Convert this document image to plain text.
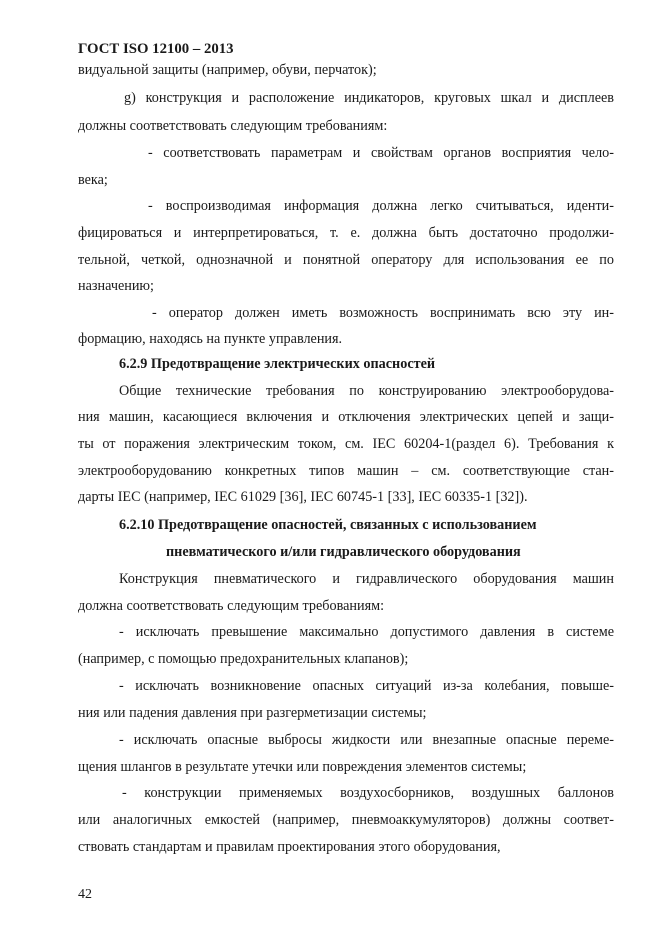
ГОСТ ISO 12100 – 2013
видуальной защиты (например, обуви, перчаток);
g) конструкция и расположение индикаторов, круговых шкал и дисплеев
должны соответствовать следующим требованиям:
- соответствовать параметрам и свойствам органов восприятия чело-
века;
- воспроизводимая информация должна легко считываться, иденти-
фицироваться и интерпретироваться, т. е. должна быть достаточно продолжи-
тельной, четкой, однозначной и понятной оператору для использования ее по
назначению;
- оператор должен иметь возможность воспринимать всю эту ин-
формацию, находясь на пункте управления.
6.2.9 Предотвращение электрических опасностей
Общие технические требования по конструированию электрооборудова-
ния машин, касающиеся включения и отключения электрических цепей и защи-
ты от поражения электрическим током, см. IEC 60204-1(раздел 6). Требования к
электрооборудованию конкретных типов машин – см. соответствующие стан-
дарты IEC (например, IEC 61029 [36], IEC 60745-1 [33], IEC 60335-1 [32]).
6.2.10 Предотвращение опасностей, связанных с использованием
пневматического и/или гидравлического оборудования
Конструкция пневматического и гидравлического оборудования машин
должна соответствовать следующим требованиям:
- исключать превышение максимально допустимого давления в системе
(например, с помощью предохранительных клапанов);
- исключать возникновение опасных ситуаций из-за колебания, повыше-
ния или падения давления при разгерметизации системы;
- исключать опасные выбросы жидкости или внезапные опасные переме-
щения шлангов в результате утечки или повреждения элементов системы;
- конструкции применяемых воздухосборников, воздушных баллонов
или аналогичных емкостей (например, пневмоаккумуляторов) должны соответ-
ствовать стандартам и правилам проектирования этого оборудования,
42
